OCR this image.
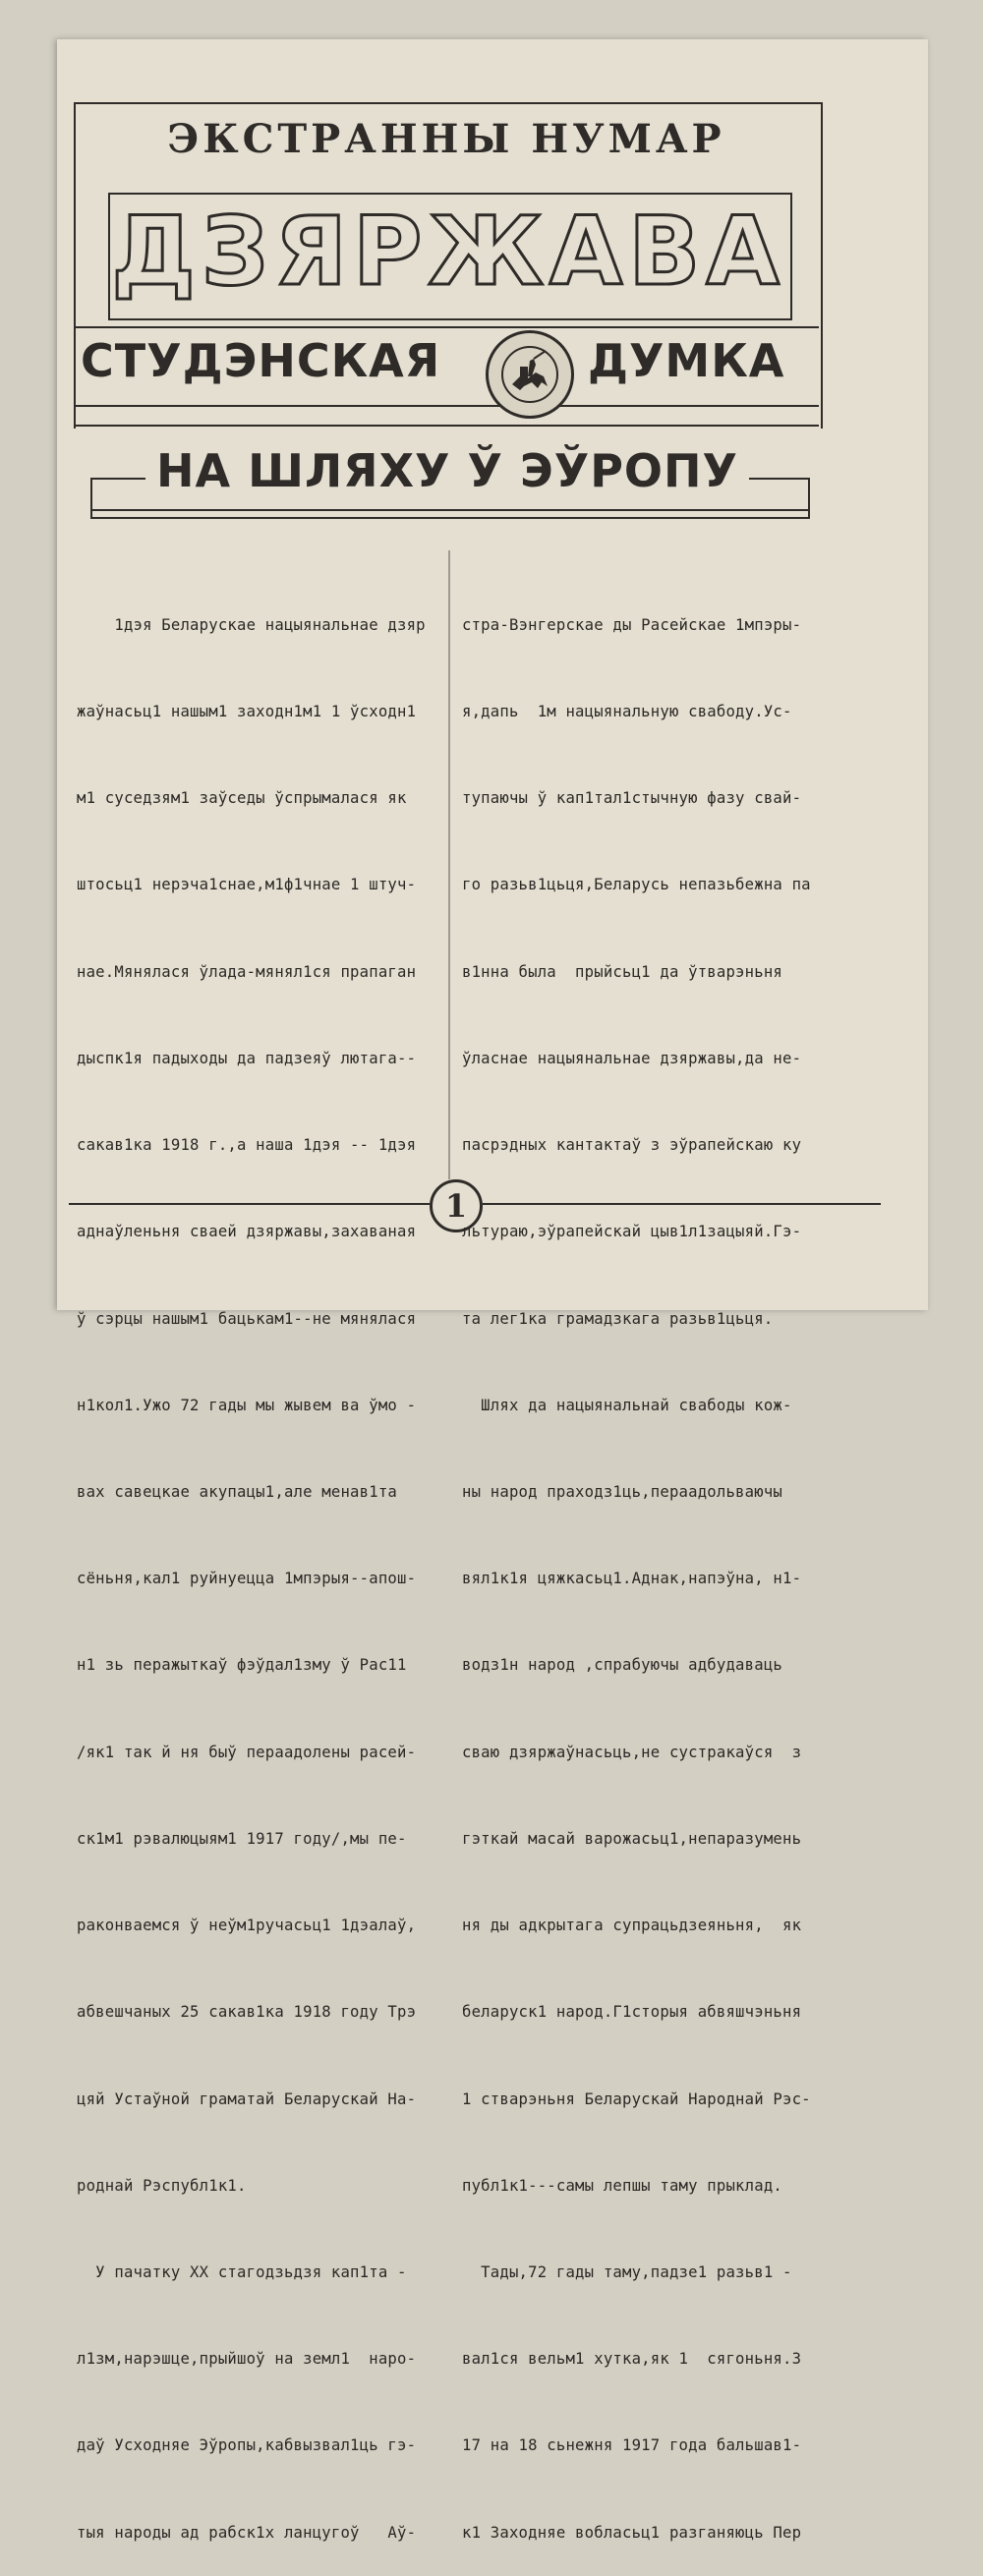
ЭКСТРАННЫ НУМАР
ДЗЯРЖАВА
СТУДЭНСКАЯ	ДУМКА
НА ШЛЯХУ Ў ЭЎРОПУ

1дэя Беларускае нацыянальнае дзяр

жаўнасьц1 нашым1 заходн1м1 1 ўсходн1

м1 суседзям1 заўседы ўспрымалася як

штосьц1 нерэча1снае,м1ф1чнае 1 штуч-

нае.Мянялася ўлада-мянял1ся прапаган

дыспк1я падыходы да падзеяў лютага--

сакав1ка 1918 г.,а наша 1дэя -- 1дэя

аднаўленьня сваей дзяржавы,захаваная

ў сэрцы нашым1 бацькам1--не мянялася

н1кол1.Ужо 72 гады мы жывем ва ўмо -

вах савецкае акупацы1,але менав1та

сёньня,кал1 руйнуецца 1мпэрыя--апош-

н1 зь перажыткаў фэўдал1зму ў Рас11

/як1 так й ня быў пераадолены расей-

ск1м1 рэвалюцыям1 1917 году/,мы пе-

раконваемся ў неўм1ручасьц1 1дэалаў,

абвешчаных 25 сакав1ка 1918 году Трэ

цяй Устаўной граматай Беларускай На-

роднай Рэспубл1к1.

У пачатку XX стагодзьдзя кап1та -

л1зм,нарэшце,прыйшоў на земл1  наро-

даў Усходняе Эўропы,кабвызвал1ць гэ-

тыя народы ад рабск1х ланцугоў   Аў-

стра-Вэнгерскае ды Расейскае 1мпэры-

я,дапь  1м нацыянальную свабоду.Ус-

тупаючы ў кап1тал1стычную фазу свай-

го разьв1цьця,Беларусь непазьбежна па

в1нна была  прыйсьц1 да ўтварэньня

ўласнае нацыянальнае дзяржавы,да не-

пасрэдных кантактаў з эўрапейскаю ку

льтураю,эўрапейскай цыв1л1зацыяй.Гэ-

та лег1ка грамадзкага разьв1цьця.

Шлях да нацыянальнай свабоды кож-

ны народ праходз1ць,пераадольваючы

вял1к1я цяжкасьц1.Аднак,напэўна, н1-

водз1н народ ,спрабуючы адбудаваць

сваю дзяржаўнасьць,не сустракаўся  з

гэткай масай варожасьц1,непаразумень

ня ды адкрытага супрацьдзеяньня,  як

беларуск1 народ.Г1сторыя абвяшчэньня

1 стварэньня Беларускай Народнай Рэс-

публ1к1---самы лепшы таму прыклад.

Тады,72 гады таму,падзе1 разьв1 -

вал1ся вельм1 хутка,як 1  сягоньня.З

17 на 18 сьнежня 1917 года бальшав1-

к1 Заходняе вобласьц1 разганяюць Пер

1
